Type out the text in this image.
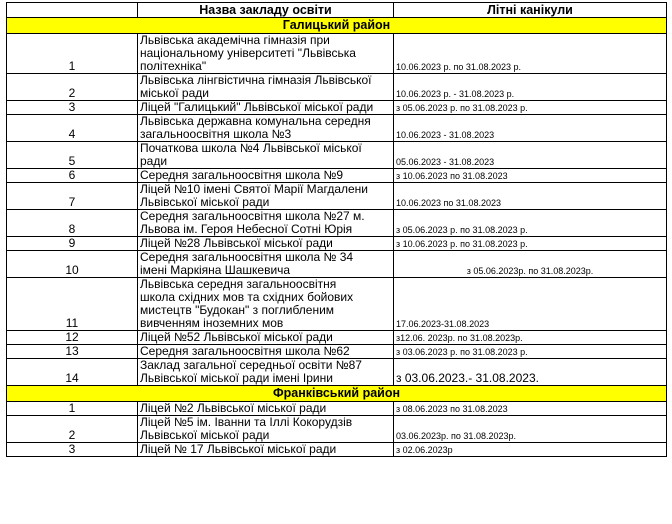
	Назва закладу освіти	Літні канікули
Галицький район		
1	Львівська академічна гімназія при
національному університеті "Львівська
політехніка"	10.06.2023 р. по 31.08.2023 р.
2	Львівська лінгвістична гімназія Львівської
міської ради	10.06.2023 р. - 31.08.2023 р.
3	Ліцей "Галицький" Львівської міської ради	з 05.06.2023 р. по 31.08.2023 р.
4	Львівська державна комунальна середня
загальноосвітня школа №3	10.06.2023 - 31.08.2023
5	Початкова школа №4 Львівської міської
ради	05.06.2023 - 31.08.2023
6	Середня загальноосвітня школа №9	з 10.06.2023 по 31.08.2023
7	Ліцей №10 імені Святої Марії Магдалени
Львівської міської ради	10.06.2023 по 31.08.2023
8	Середня загальноосвітня школа №27 м.
Львова ім. Героя Небесної Сотні Юрія	з 05.06.2023 р. по 31.08.2023 р.
9	Ліцей №28 Львівської міської ради	з 10.06.2023 р. по 31.08.2023 р.
10	Середня загальноосвітня школа № 34
імені Маркіяна Шашкевича	з 05.06.2023р. по 31.08.2023р.
11	Львівська середня загальноосвітня
школа східних мов та східних бойових
мистецтв "Будокан" з поглибленим
вивченням іноземних мов	17.06.2023-31.08.2023
12	Ліцей №52 Львівської міської ради	з12.06. 2023р. по 31.08.2023р.
13	Середня загальноосвітня школа №62	з 03.06.2023 р. по 31.08.2023 р.
14	Заклад загальної середньої освіти №87
Львівської міської ради імені Ірини	з 03.06.2023.- 31.08.2023.
Франківський район		
1	Ліцей №2 Львівської міської ради	з 08.06.2023 по 31.08.2023
2	Ліцей №5 ім. Іванни та Іллі Кокорудзів
Львівської міської ради	03.06.2023р. по 31.08.2023р.
3	Ліцей № 17 Львівської міської ради	з 02.06.2023р
